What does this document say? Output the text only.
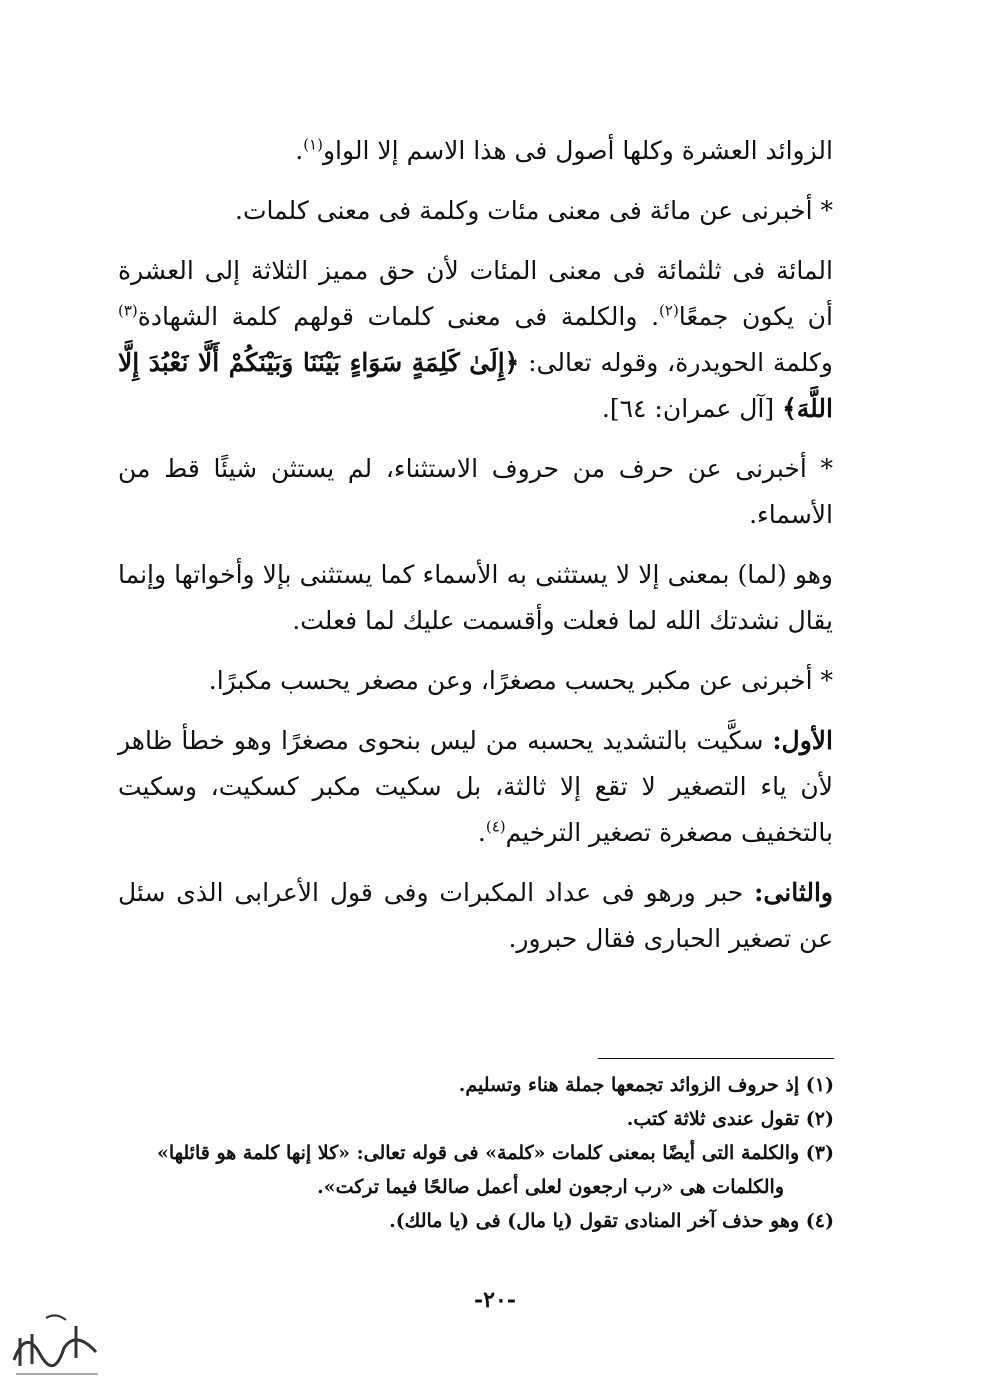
الزوائد العشرة وكلها أصول فى هذا الاسم إلا الواو$^{(١)}$.

* أخبرنى عن مائة فى معنى مئات وكلمة فى معنى كلمات.

المائة فى ثلثمائة فى معنى المئات لأن حق مميز الثلاثة إلى العشرة أن يكون جمعًا$^{(٢)}$. والكلمة فى معنى كلمات قولهم كلمة الشهادة$^{(٣)}$ وكلمة الحويدرة، وقوله تعالى: ﴿إِلَىٰ كَلِمَةٍ سَوَاءٍ بَيْنَنَا وَبَيْنَكُمْ أَلَّا نَعْبُدَ إِلَّا اللَّهَ﴾ [آل عمران: ٦٤].

* أخبرنى عن حرف من حروف الاستثناء، لم يستثن شيئًا قط من الأسماء.

وهو (لما) بمعنى إلا لا يستثنى به الأسماء كما يستثنى بإلا وأخواتها وإنما يقال نشدتك الله لما فعلت وأقسمت عليك لما فعلت.

* أخبرنى عن مكبر يحسب مصغرًا، وعن مصغر يحسب مكبرًا.

الأول: سكَّيت بالتشديد يحسبه من ليس بنحوى مصغرًا وهو خطأ ظاهر لأن ياء التصغير لا تقع إلا ثالثة، بل سكيت مكبر كسكيت، وسكيت بالتخفيف مصغرة تصغير الترخيم$^{(٤)}$.

والثانى: حبر ورهو فى عداد المكبرات وفى قول الأعرابى الذى سئل عن تصغير الحبارى فقال حبرور.

(١) إذ حروف الزوائد تجمعها جملة هناء وتسليم.

(٢) تقول عندى ثلاثة كتب.

(٣) والكلمة التى أيضًا بمعنى كلمات «كلمة» فى قوله تعالى: «كلا إنها كلمة هو قائلها»
والكلمات هى «رب ارجعون لعلى أعمل صالحًا فيما تركت».

(٤) وهو حذف آخر المنادى تقول (يا مال) فى (يا مالك).

-٢٠-
